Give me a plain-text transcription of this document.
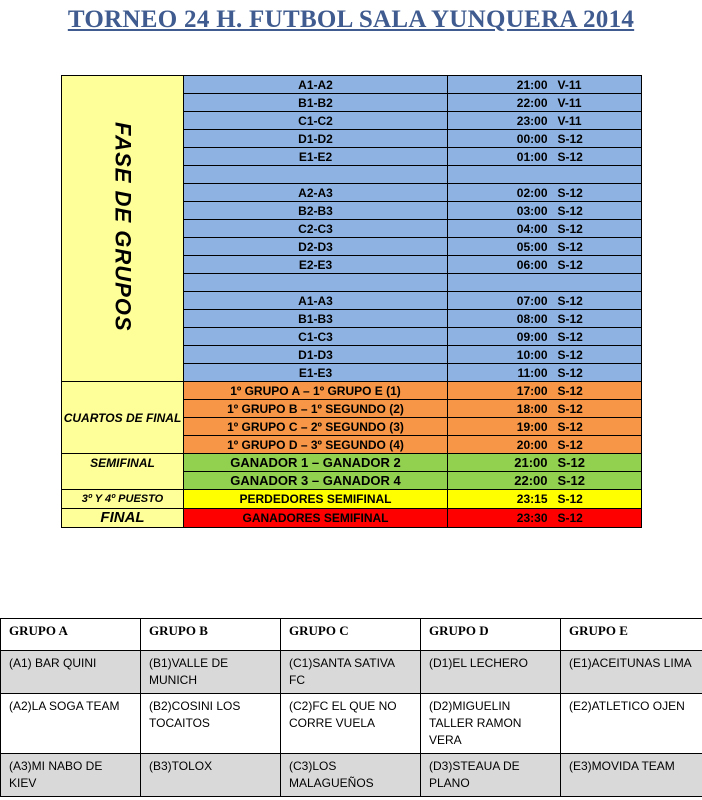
TORNEO 24 H. FUTBOL SALA YUNQUERA 2014
FASE DE GRUPOS	A1-A2	21:00 V-11
	B1-B2	22:00 V-11
	C1-C2	23:00 V-11
	D1-D2	00:00 S-12
	E1-E2	01:00 S-12

	A2-A3	02:00 S-12
	B2-B3	03:00 S-12
	C2-C3	04:00 S-12
	D2-D3	05:00 S-12
	E2-E3	06:00 S-12

	A1-A3	07:00 S-12
	B1-B3	08:00 S-12
	C1-C3	09:00 S-12
	D1-D3	10:00 S-12
	E1-E3	11:00 S-12
CUARTOS DE FINAL	1º GRUPO A – 1º GRUPO E (1)	17:00 S-12
	1º GRUPO B – 1º SEGUNDO (2)	18:00 S-12
	1º GRUPO C – 2º SEGUNDO (3)	19:00 S-12
	1º GRUPO D – 3º SEGUNDO (4)	20:00 S-12
SEMIFINAL	GANADOR 1 – GANADOR 2	21:00 S-12
	GANADOR 3 – GANADOR 4	22:00 S-12
3º Y 4º PUESTO	PERDEDORES SEMIFINAL	23:15 S-12
FINAL	GANADORES SEMIFINAL	23:30 S-12
GRUPO A	GRUPO B	GRUPO C	GRUPO D	GRUPO E
(A1) BAR QUINI	(B1)VALLE DE MUNICH	(C1)SANTA SATIVA FC	(D1)EL LECHERO	(E1)ACEITUNAS LIMA
(A2)LA SOGA TEAM	(B2)COSINI LOS TOCAITOS	(C2)FC EL QUE NO CORRE VUELA	(D2)MIGUELIN TALLER RAMON VERA	(E2)ATLETICO OJEN
(A3)MI NABO DE KIEV	(B3)TOLOX	(C3)LOS MALAGUEÑOS	(D3)STEAUA DE PLANO	(E3)MOVIDA TEAM
